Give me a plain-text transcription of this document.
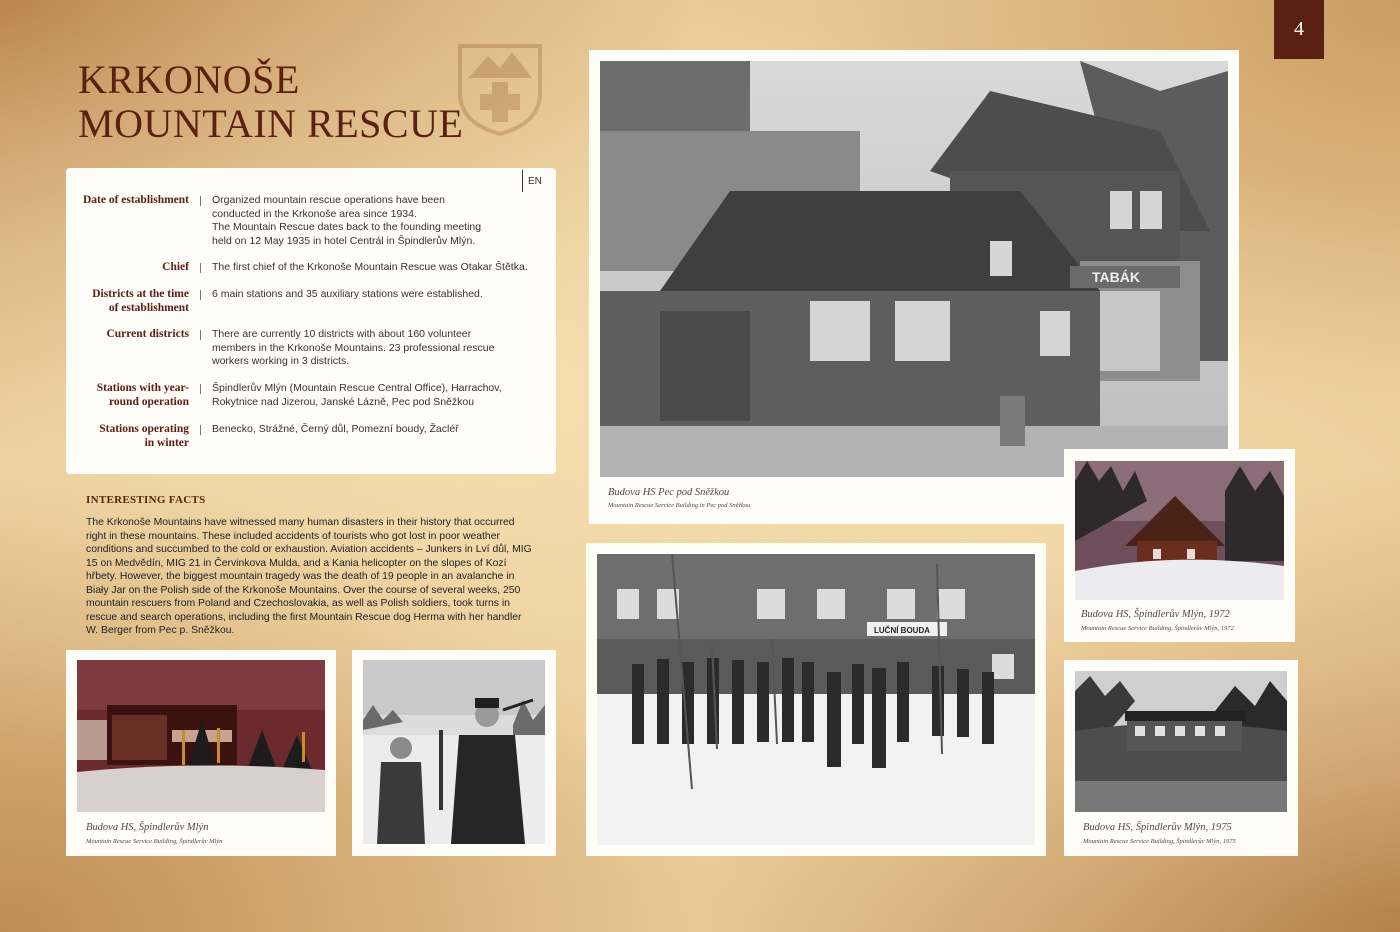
4
KRKONOŠE
MOUNTAIN RESCUE
Date of establishment Organized mountain rescue operations have been
conducted in the Krkonoše area since 1934.
The Mountain Rescue dates back to the founding meeting
held on 12 May 1935 in hotel Centrál in Špindlerův Mlýn.
Chief The first chief of the Krkonoše Mountain Rescue was Otakar Štětka.
Districts at the time
of establishment
6 main stations and 35 auxiliary stations were established.
Current districts There are currently 10 districts with about 160 volunteer
members in the Krkonoše Mountains. 23 professional rescue
workers working in 3 districts.
Stations with year-
round operation
Špindlerův Mlýn (Mountain Rescue Central Office), Harrachov,
Rokytnice nad Jizerou, Janské Lázně, Pec pod Sněžkou
Stations operating
in winter
Benecko, Strážné, Černý důl, Pomezní boudy, Žacléř
EN
INTERESTING FACTS
The Krkonoše Mountains have witnessed many human disasters in their history that occurred right in these mountains. These included accidents of tourists who got lost in poor weather conditions and succumbed to the cold or exhaustion. Aviation accidents – Junkers in Lví důl, MIG 15 on Medvědín, MIG 21 in Červinkova Mulda, and a Kania helicopter on the slopes of Kozí hřbety. However, the biggest mountain tragedy was the death of 19 people in an avalanche in Biały Jar on the Polish side of the Krkonoše Mountains. Over the course of several weeks, 250 mountain rescuers from Poland and Czechoslovakia, as well as Polish soldiers, took turns in rescue and search operations, including the first Mountain Rescue dog Herma with her handler W. Berger from Pec p. Sněžkou.
TABÁK
Budova HS Pec pod Sněžkou
Mountain Rescue Service Building in Pec pod Sněžkou
Budova HS, Špindlerův Mlýn, 1972
Mountain Rescue Service Building, Špindlerův Mlýn, 1972
LUČNÍ BOUDA
Budova HS, Špindlerův Mlýn, 1975
Mountain Rescue Service Building, Špindlerův Mlýn, 1975
Budova HS, Špindlerův Mlýn
Mountain Rescue Service Building, Špindlerův Mlýn
